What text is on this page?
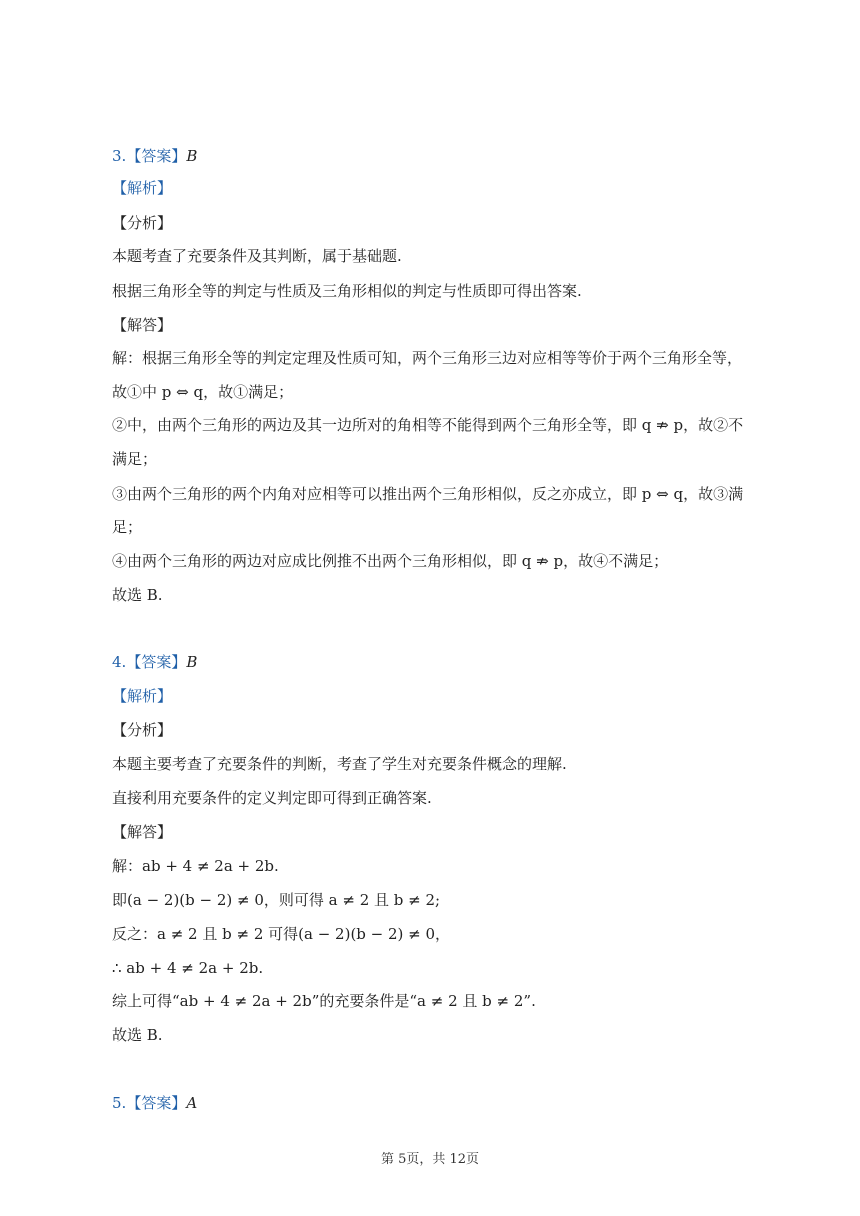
3.【答案】B

【解析】

【分析】

本题考查了充要条件及其判断，属于基础题.

根据三角形全等的判定与性质及三角形相似的判定与性质即可得出答案.

【解答】

解：根据三角形全等的判定定理及性质可知，两个三角形三边对应相等等价于两个三角形全等，

故①中 p ⇔ q，故①满足；

②中，由两个三角形的两边及其一边所对的角相等不能得到两个三角形全等，即 q ⇏ p，故②不

满足；

③由两个三角形的两个内角对应相等可以推出两个三角形相似，反之亦成立，即 p ⇔ q，故③满

足；

④由两个三角形的两边对应成比例推不出两个三角形相似，即 q ⇏ p，故④不满足；

故选 B.

4.【答案】B

【解析】

【分析】

本题主要考查了充要条件的判断，考查了学生对充要条件概念的理解.

直接利用充要条件的定义判定即可得到正确答案.

【解答】

解：ab + 4 ≠ 2a + 2b.

即(a − 2)(b − 2) ≠ 0，则可得 a ≠ 2 且 b ≠ 2;

反之：a ≠ 2 且 b ≠ 2 可得(a − 2)(b − 2) ≠ 0，

∴ ab + 4 ≠ 2a + 2b.

综上可得“ab + 4 ≠ 2a + 2b”的充要条件是“a ≠ 2 且 b ≠ 2”.

故选 B.

5.【答案】A

第 5页，共 12页
